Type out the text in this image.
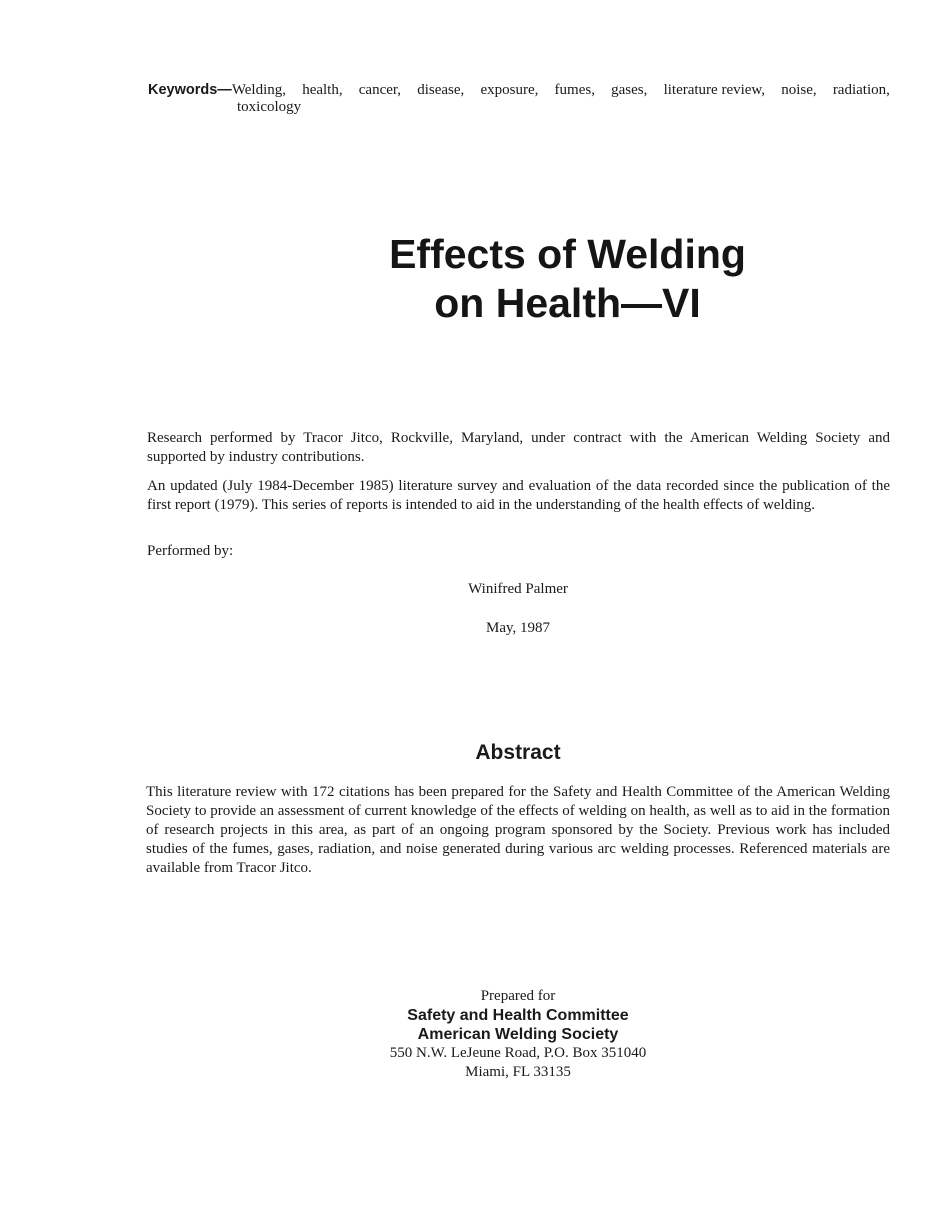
Keywords—Welding, health, cancer, disease, exposure, fumes, gases, literature review, noise, radiation,
toxicology
Effects of Welding
on Health—VI
Research performed by Tracor Jitco, Rockville, Maryland, under contract with the American Welding Society and supported by industry contributions.
An updated (July 1984-December 1985) literature survey and evaluation of the data recorded since the publication of the first report (1979). This series of reports is intended to aid in the understanding of the health effects of welding.
Performed by:
Winifred Palmer
May, 1987
Abstract
This literature review with 172 citations has been prepared for the Safety and Health Committee of the American Welding Society to provide an assessment of current knowledge of the effects of welding on health, as well as to aid in the formation of research projects in this area, as part of an ongoing program sponsored by the Society. Previous work has included studies of the fumes, gases, radiation, and noise generated during various arc welding processes. Referenced materials are available from Tracor Jitco.
Prepared for
Safety and Health Committee
American Welding Society
550 N.W. LeJeune Road, P.O. Box 351040
Miami, FL 33135
